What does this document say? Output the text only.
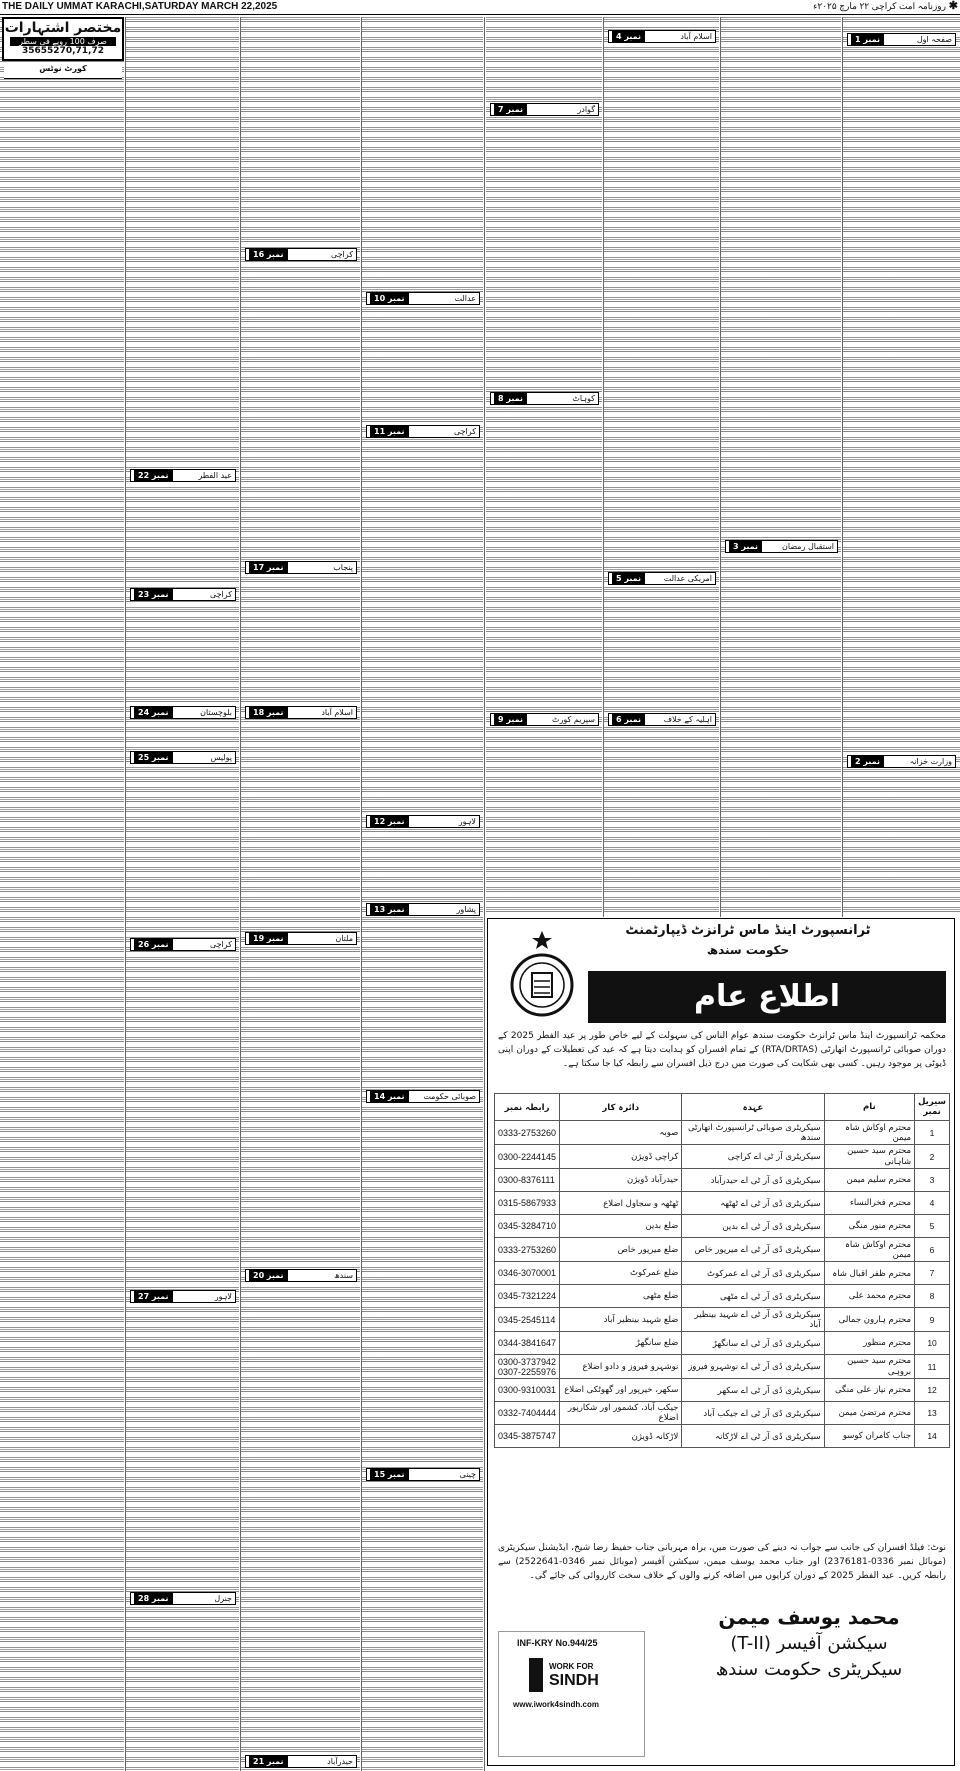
THE DAILY UMMAT KARACHI,SATURDAY MARCH 22,2025	روزنامہ امت کراچی ۲۲ مارچ ۲۰۲۵ء ✱
مختصر اشتہارات
صرف 100 روپے فی سطر
35655270,71,72
کورٹ نوٹس
عید الفطر
نمبر 22
کراچی
نمبر 23
بلوچستان
نمبر 24
پولیس
نمبر 25
کراچی
نمبر 26
لاہور
نمبر 27
جنرل
نمبر 28
کراچی
نمبر 16
پنجاب
نمبر 17
اسلام آباد
نمبر 18
ملتان
نمبر 19
سندھ
نمبر 20
حیدرآباد
نمبر 21
عدالت
نمبر 10
کراچی
نمبر 11
لاہور
نمبر 12
پشاور
نمبر 13
صوبائی حکومت
نمبر 14
چینی
نمبر 15
گوادر
نمبر 7
کوہاٹ
نمبر 8
سپریم کورٹ
نمبر 9
اسلام آباد
نمبر 4
امریکی عدالت
نمبر 5
اہلیہ کے خلاف
نمبر 6
استقبال رمضان
نمبر 3
صفحہ اول
نمبر 1
وزارت خزانہ
نمبر 2
ٹرانسپورٹ اینڈ ماس ٹرانزٹ ڈیپارٹمنٹ
حکومت سندھ
اطلاع عام
محکمہ ٹرانسپورٹ اینڈ ماس ٹرانزٹ حکومت سندھ عوام الناس کی سہولت کے لیے خاص طور پر عید الفطر 2025 کے دوران صوبائی ٹرانسپورٹ اتھارٹی (RTA/DRTAS) کے تمام افسران کو ہدایت دیتا ہے کہ عید کی تعطیلات کے دوران اپنی ڈیوٹی پر موجود رہیں۔ کسی بھی شکایت کی صورت میں درج ذیل افسران سے رابطہ کیا جا سکتا ہے۔
سیریل نمبر	نام	عہدہ	دائرہ کار	رابطہ نمبر

1	محترم اوکاش شاہ میمن	سیکریٹری صوبائی ٹرانسپورٹ اتھارٹی سندھ	صوبہ	0333-2753260

2	محترم سید حسین شاہانی	سیکریٹری آر ٹی اے کراچی	کراچی ڈویژن	0300-2244145

3	محترم سلیم میمن	سیکریٹری ڈی آر ٹی اے حیدرآباد	حیدرآباد ڈویژن	0300-8376111

4	محترم فخرالنساء	سیکریٹری ڈی آر ٹی اے ٹھٹھہ	ٹھٹھہ و سجاول اضلاع	0315-5867933

5	محترم منور منگی	سیکریٹری ڈی آر ٹی اے بدین	ضلع بدین	0345-3284710

6	محترم اوکاش شاہ میمن	سیکریٹری ڈی آر ٹی اے میرپور خاص	ضلع میرپور خاص	0333-2753260

7	محترم ظفر اقبال شاہ	سیکریٹری ڈی آر ٹی اے عمرکوٹ	ضلع عمرکوٹ	0346-3070001

8	محترم محمد علی	سیکریٹری ڈی آر ٹی اے مٹھی	ضلع مٹھی	0345-7321224

9	محترم ہارون جمالی	سیکریٹری ڈی آر ٹی اے شہید بینظیر آباد	ضلع شہید بینظیر آباد	0345-2545114

10	محترم منظور	سیکریٹری ڈی آر ٹی اے سانگھڑ	ضلع سانگھڑ	0344-3841647

11	محترم سید حسین بروہی	سیکریٹری ڈی آر ٹی اے نوشہرو فیروز	نوشہرو فیروز و دادو اضلاع	0300-3737942
0307-2255976

12	محترم نیاز علی منگی	سیکریٹری ڈی آر ٹی اے سکھر	سکھر، خیرپور اور گھوٹکی اضلاع	0300-9310031

13	محترم مرتضیٰ میمن	سیکریٹری ڈی آر ٹی اے جیکب آباد	جیکب آباد، کشمور اور شکارپور اضلاع	0332-7404444

14	جناب کامران کوسو	سیکریٹری ڈی آر ٹی اے لاڑکانہ	لاڑکانہ ڈویژن	0345-3875747
نوٹ: فیلڈ افسران کی جانب سے جواب نہ دینے کی صورت میں، براہ مہربانی جناب حفیظ رضا شیخ، ایڈیشنل سیکریٹری (موبائل نمبر 0336-2376181) اور جناب محمد یوسف میمن، سیکشن آفیسر (موبائل نمبر 0346-2522641) سے رابطہ کریں۔ عید الفطر 2025 کے دوران کرایوں میں اضافہ کرنے والوں کے خلاف سخت کارروائی کی جائے گی۔
INF-KRY No.944/25
WORK FOR
SINDH
www.iwork4sindh.com
محمد یوسف میمن
سیکشن آفیسر (T-II)
سیکریٹری حکومت سندھ
